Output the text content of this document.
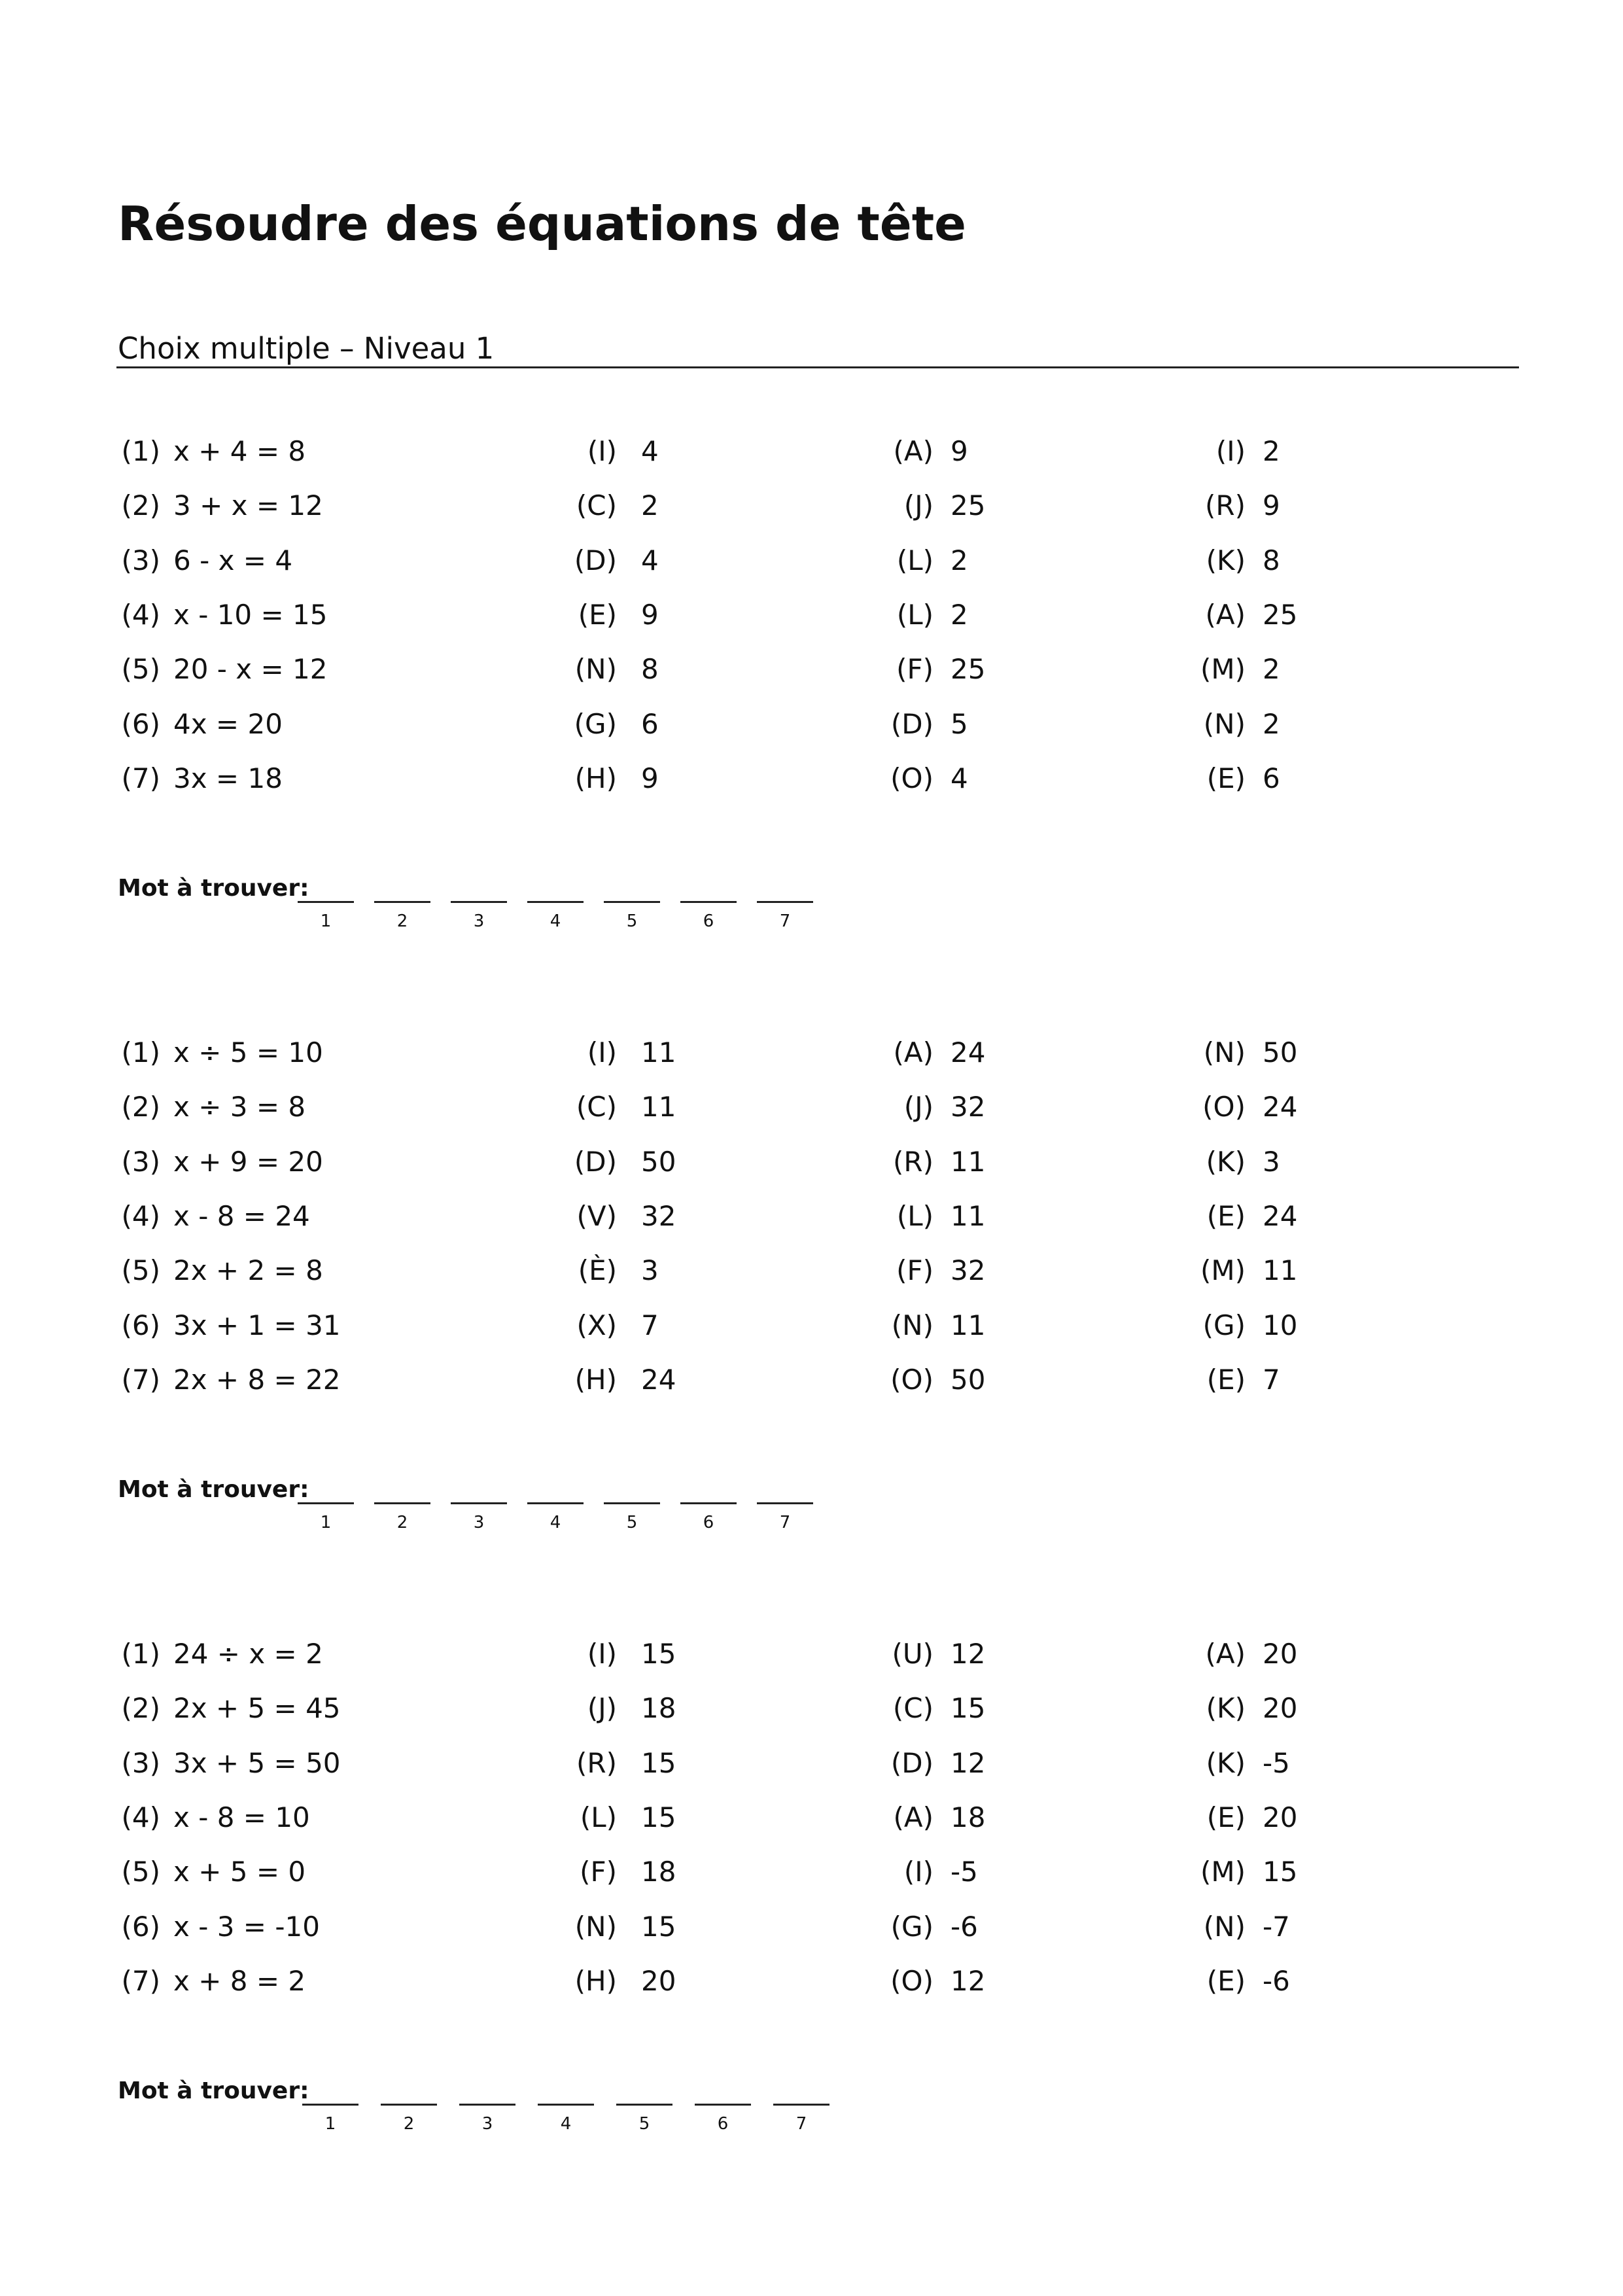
Résoudre des équations de tête
Choix multiple – Niveau 1
(1) x + 4 = 8	(I) 4	(A) 9	(I) 2
(2) 3 + x = 12	(C) 2	(J) 25	(R) 9
(3) 6 - x = 4	(D) 4	(L) 2	(K) 8
(4) x - 10 = 15	(E) 9	(L) 2	(A) 25
(5) 20 - x = 12	(N) 8	(F) 25	(M) 2
(6) 4x = 20	(G) 6	(D) 5	(N) 2
(7) 3x = 18	(H) 9	(O) 4	(E) 6
Mot à trouver:
1	2	3	4	5	6	7
(1) x ÷ 5 = 10	(I) 11	(A) 24	(N) 50
(2) x ÷ 3 = 8	(C) 11	(J) 32	(O) 24
(3) x + 9 = 20	(D) 50	(R) 11	(K) 3
(4) x - 8 = 24	(V) 32	(L) 11	(E) 24
(5) 2x + 2 = 8	(È) 3	(F) 32	(M) 11
(6) 3x + 1 = 31	(X) 7	(N) 11	(G) 10
(7) 2x + 8 = 22	(H) 24	(O) 50	(E) 7
Mot à trouver:
1	2	3	4	5	6	7
(1) 24 ÷ x = 2	(I) 15	(U) 12	(A) 20
(2) 2x + 5 = 45	(J) 18	(C) 15	(K) 20
(3) 3x + 5 = 50	(R) 15	(D) 12	(K) -5
(4) x - 8 = 10	(L) 15	(A) 18	(E) 20
(5) x + 5 = 0	(F) 18	(I) -5	(M) 15
(6) x - 3 = -10	(N) 15	(G) -6	(N) -7
(7) x + 8 = 2	(H) 20	(O) 12	(E) -6
Mot à trouver:
1	2	3	4	5	6	7
